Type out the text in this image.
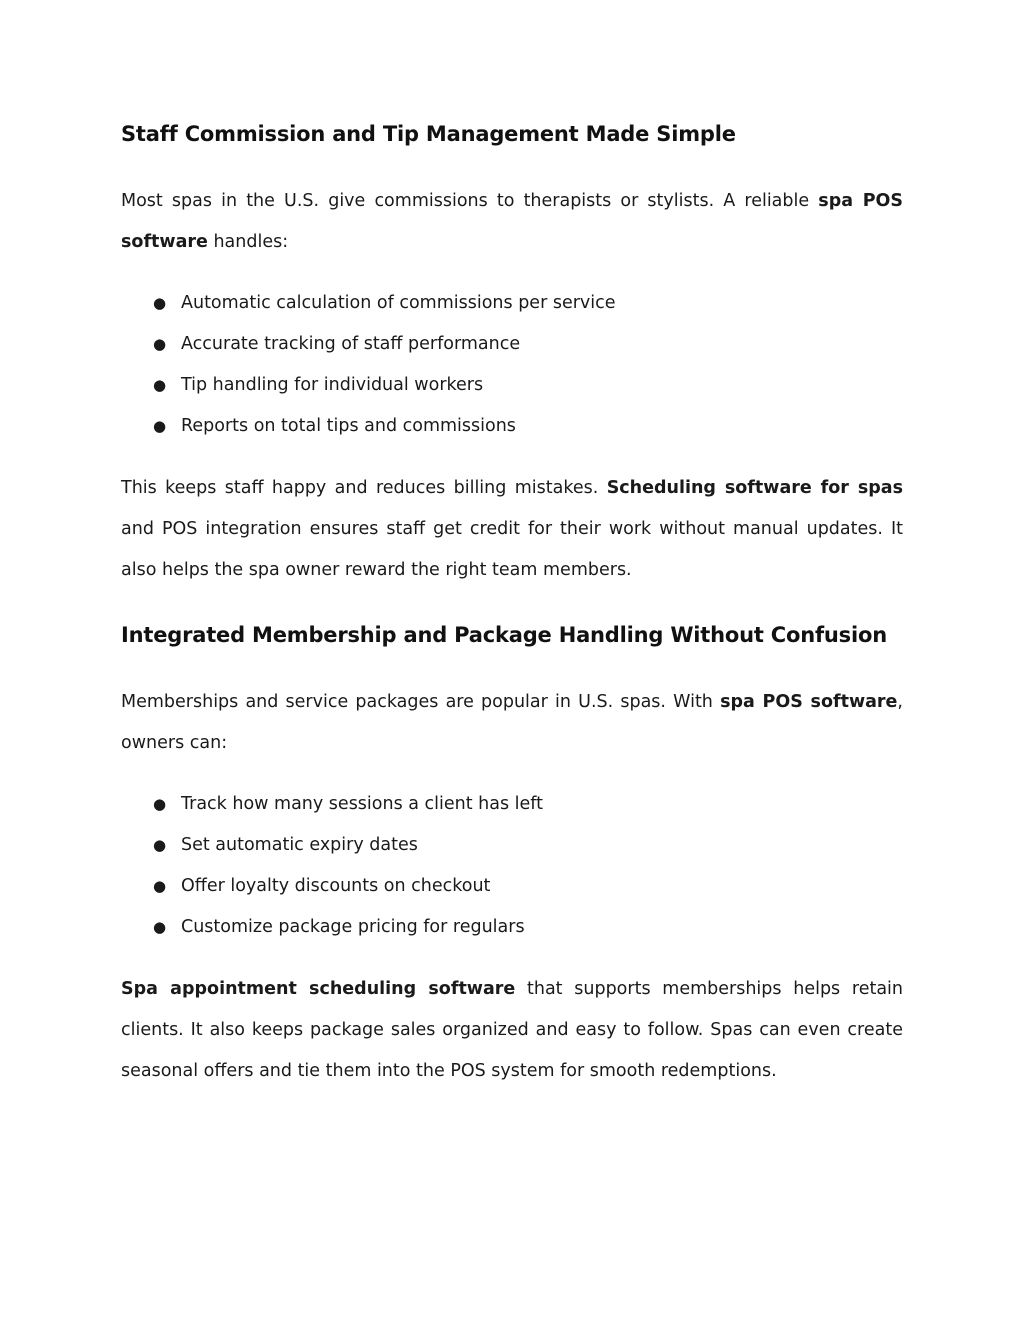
Staff Commission and Tip Management Made Simple

Most spas in the U.S. give commissions to therapists or stylists. A reliable spa POS software handles:

● Automatic calculation of commissions per service
● Accurate tracking of staff performance
● Tip handling for individual workers
● Reports on total tips and commissions

This keeps staff happy and reduces billing mistakes. Scheduling software for spas and POS integration ensures staff get credit for their work without manual updates. It also helps the spa owner reward the right team members.

Integrated Membership and Package Handling Without Confusion

Memberships and service packages are popular in U.S. spas. With spa POS software, owners can:

● Track how many sessions a client has left
● Set automatic expiry dates
● Offer loyalty discounts on checkout
● Customize package pricing for regulars

Spa appointment scheduling software that supports memberships helps retain clients. It also keeps package sales organized and easy to follow. Spas can even create seasonal offers and tie them into the POS system for smooth redemptions.
